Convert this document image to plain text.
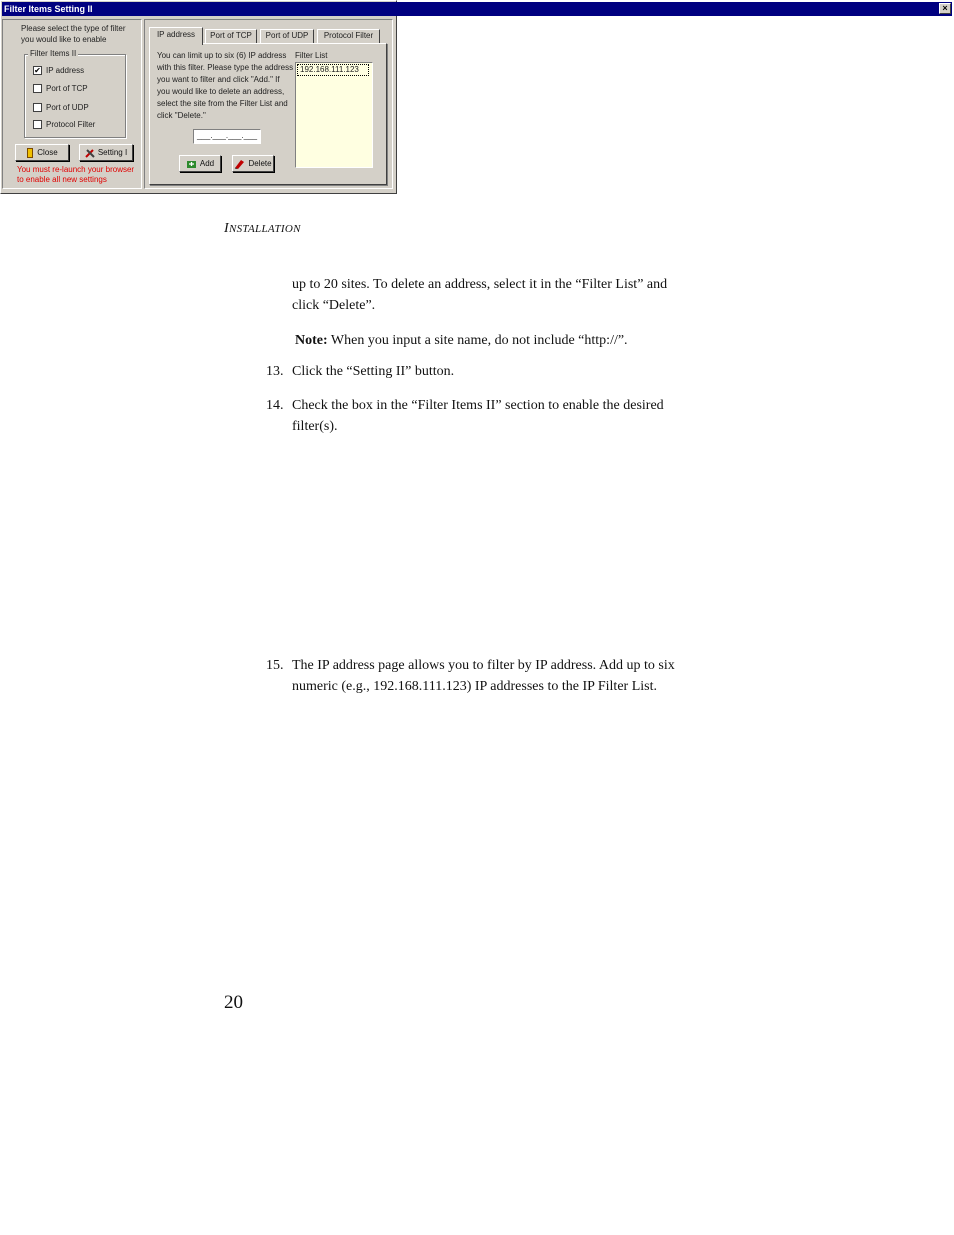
INSTALLATION
up to 20 sites. To delete an address, select it in the “Filter List” and
click “Delete”.
Note: When you input a site name, do not include “http://”.
13. Click the “Setting II” button.
14. Check the box in the “Filter Items II” section to enable the desired
filter(s).
Filter Items Setting II	×
Please select the type of filter
you would like to enable
Filter Items II
✔ IP address
Port of TCP
Port of UDP
Protocol Filter
Close	Setting I
You must re-launch your browser
to enable all new settings
IP address	Port of TCP	Port of UDP	Protocol Filter
You can limit up to six (6) IP address
with this filter. Please type the address
you want to filter and click "Add." If
you would like to delete an address,
select the site from the Filter List and
click "Delete."
Filter List
192.168.111.123
___.___.___.___
Add	Delete
15. The IP address page allows you to filter by IP address. Add up to six
numeric (e.g., 192.168.111.123) IP addresses to the IP Filter List.
20
